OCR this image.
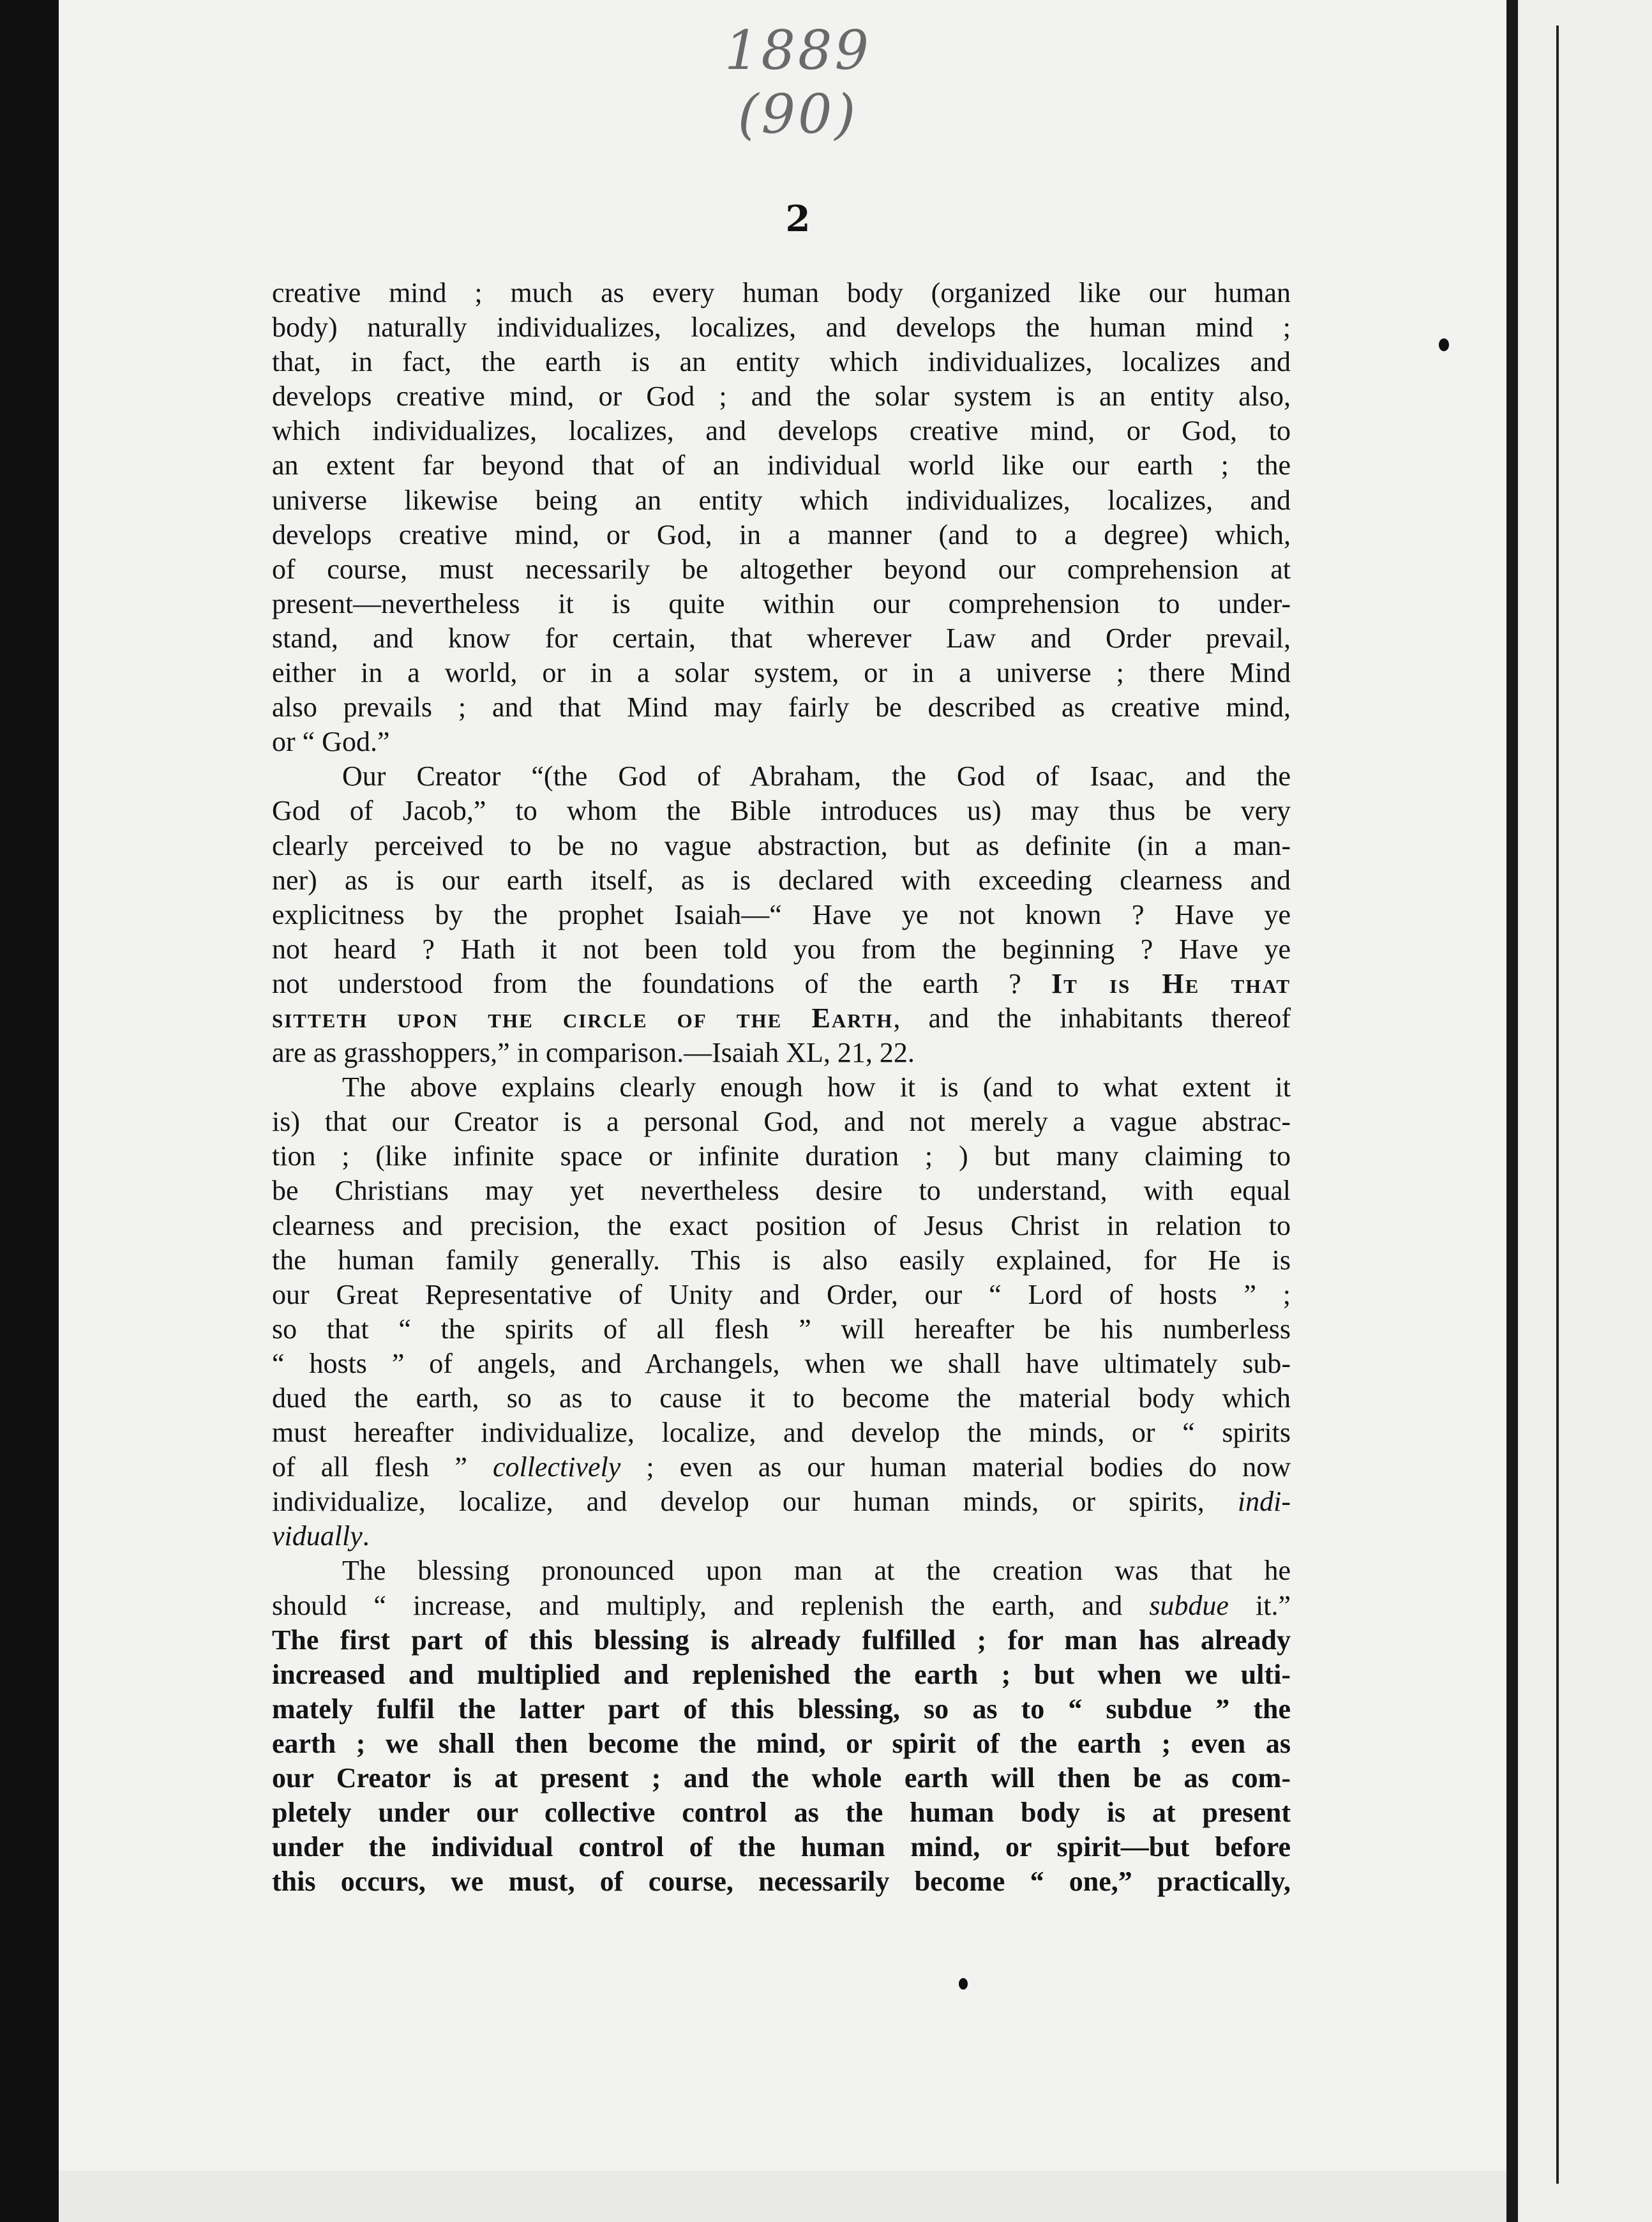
1889
(90)
2

creative mind ; much as every human body (organized like our human
body) naturally individualizes, localizes, and develops the human mind ;
that, in fact, the earth is an entity which individualizes, localizes and
develops creative mind, or God ; and the solar system is an entity also,
which individualizes, localizes, and develops creative mind, or God, to
an extent far beyond that of an individual world like our earth ; the
universe likewise being an entity which individualizes, localizes, and
develops creative mind, or God, in a manner (and to a degree) which,
of course, must necessarily be altogether beyond our comprehension at
present—nevertheless it is quite within our comprehension to under-
stand, and know for certain, that wherever Law and Order prevail,
either in a world, or in a solar system, or in a universe ; there Mind
also prevails ; and that Mind may fairly be described as creative mind,
or “ God.”

Our Creator “(the God of Abraham, the God of Isaac, and the
God of Jacob,” to whom the Bible introduces us) may thus be very
clearly perceived to be no vague abstraction, but as definite (in a man-
ner) as is our earth itself, as is declared with exceeding clearness and
explicitness by the prophet Isaiah—“ Have ye not known ? Have ye
not heard ? Hath it not been told you from the beginning ? Have ye
not understood from the foundations of the earth ? It is He that
sitteth upon the circle of the Earth, and the inhabitants thereof
are as grasshoppers,” in comparison.—Isaiah XL, 21, 22.

The above explains clearly enough how it is (and to what extent it
is) that our Creator is a personal God, and not merely a vague abstrac-
tion ; (like infinite space or infinite duration ; ) but many claiming to
be Christians may yet nevertheless desire to understand, with equal
clearness and precision, the exact position of Jesus Christ in relation to
the human family generally. This is also easily explained, for He is
our Great Representative of Unity and Order, our “ Lord of hosts ” ;
so that “ the spirits of all flesh ” will hereafter be his numberless
“ hosts ” of angels, and Archangels, when we shall have ultimately sub-
dued the earth, so as to cause it to become the material body which
must hereafter individualize, localize, and develop the minds, or “ spirits
of all flesh ” collectively ; even as our human material bodies do now
individualize, localize, and develop our human minds, or spirits, indi-
vidually.

The blessing pronounced upon man at the creation was that he
should “ increase, and multiply, and replenish the earth, and subdue it.”
The first part of this blessing is already fulfilled ; for man has already
increased and multiplied and replenished the earth ; but when we ulti-
mately fulfil the latter part of this blessing, so as to “ subdue ” the
earth ; we shall then become the mind, or spirit of the earth ; even as
our Creator is at present ; and the whole earth will then be as com-
pletely under our collective control as the human body is at present
under the individual control of the human mind, or spirit—but before
this occurs, we must, of course, necessarily become “ one,” practically,
